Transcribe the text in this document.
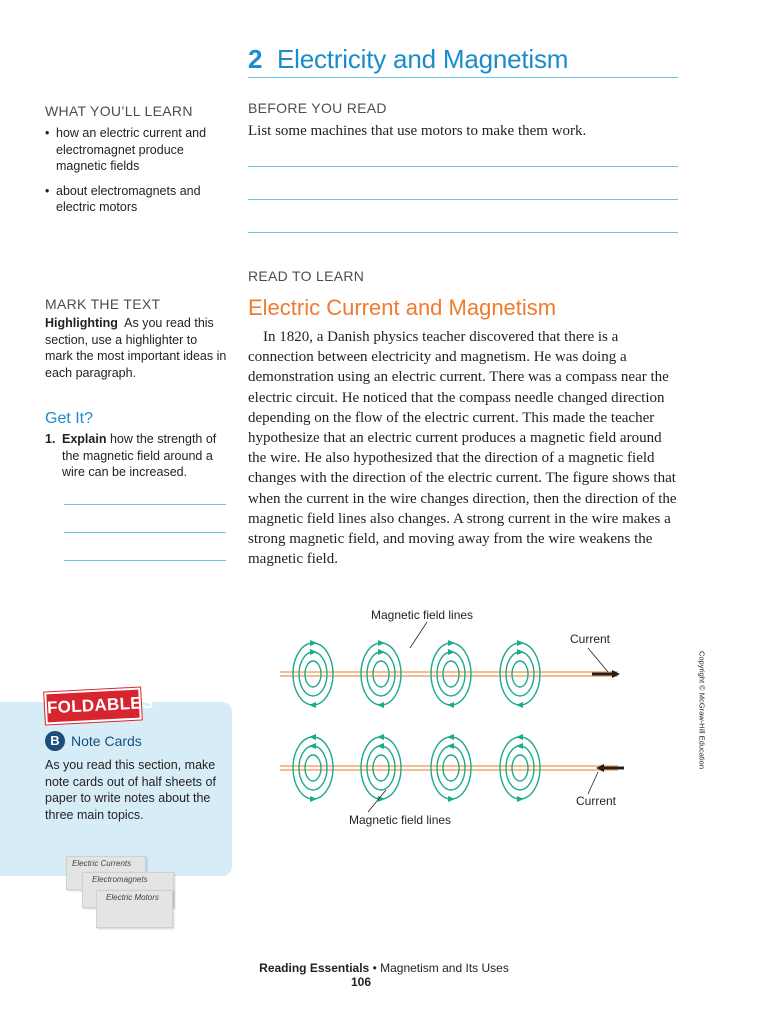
2 Electricity and Magnetism
WHAT YOU’LL LEARN
• how an electric current and electromagnet produce magnetic fields
• about electromagnets and electric motors
MARK THE TEXT
Highlighting As you read this section, use a highlighter to mark the most important ideas in each paragraph.
Get It?
1. Explain how the strength of the magnetic field around a wire can be increased.
FOLDABLES
B Note Cards
As you read this section, make note cards out of half sheets of paper to write notes about the three main topics.
Electric Currents
Electromagnets
Electric Motors
BEFORE YOU READ
List some machines that use motors to make them work.
READ TO LEARN
Electric Current and Magnetism
In 1820, a Danish physics teacher discovered that there is a connection between electricity and magnetism. He was doing a demonstration using an electric current. There was a compass near the electric circuit. He noticed that the compass needle changed direction depending on the flow of the electric current. This made the teacher hypothesize that an electric current produces a magnetic field around the wire. He also hypothesized that the direction of a magnetic field changes with the direction of the electric current. The figure shows that when the current in the wire changes direction, then the direction of the magnetic field lines also changes. A strong current in the wire makes a strong magnetic field, and moving away from the wire weakens the magnetic field.
Magnetic field lines
Current
Current
Magnetic field lines
Copyright © McGraw-Hill Education
Reading Essentials • Magnetism and Its Uses
106
